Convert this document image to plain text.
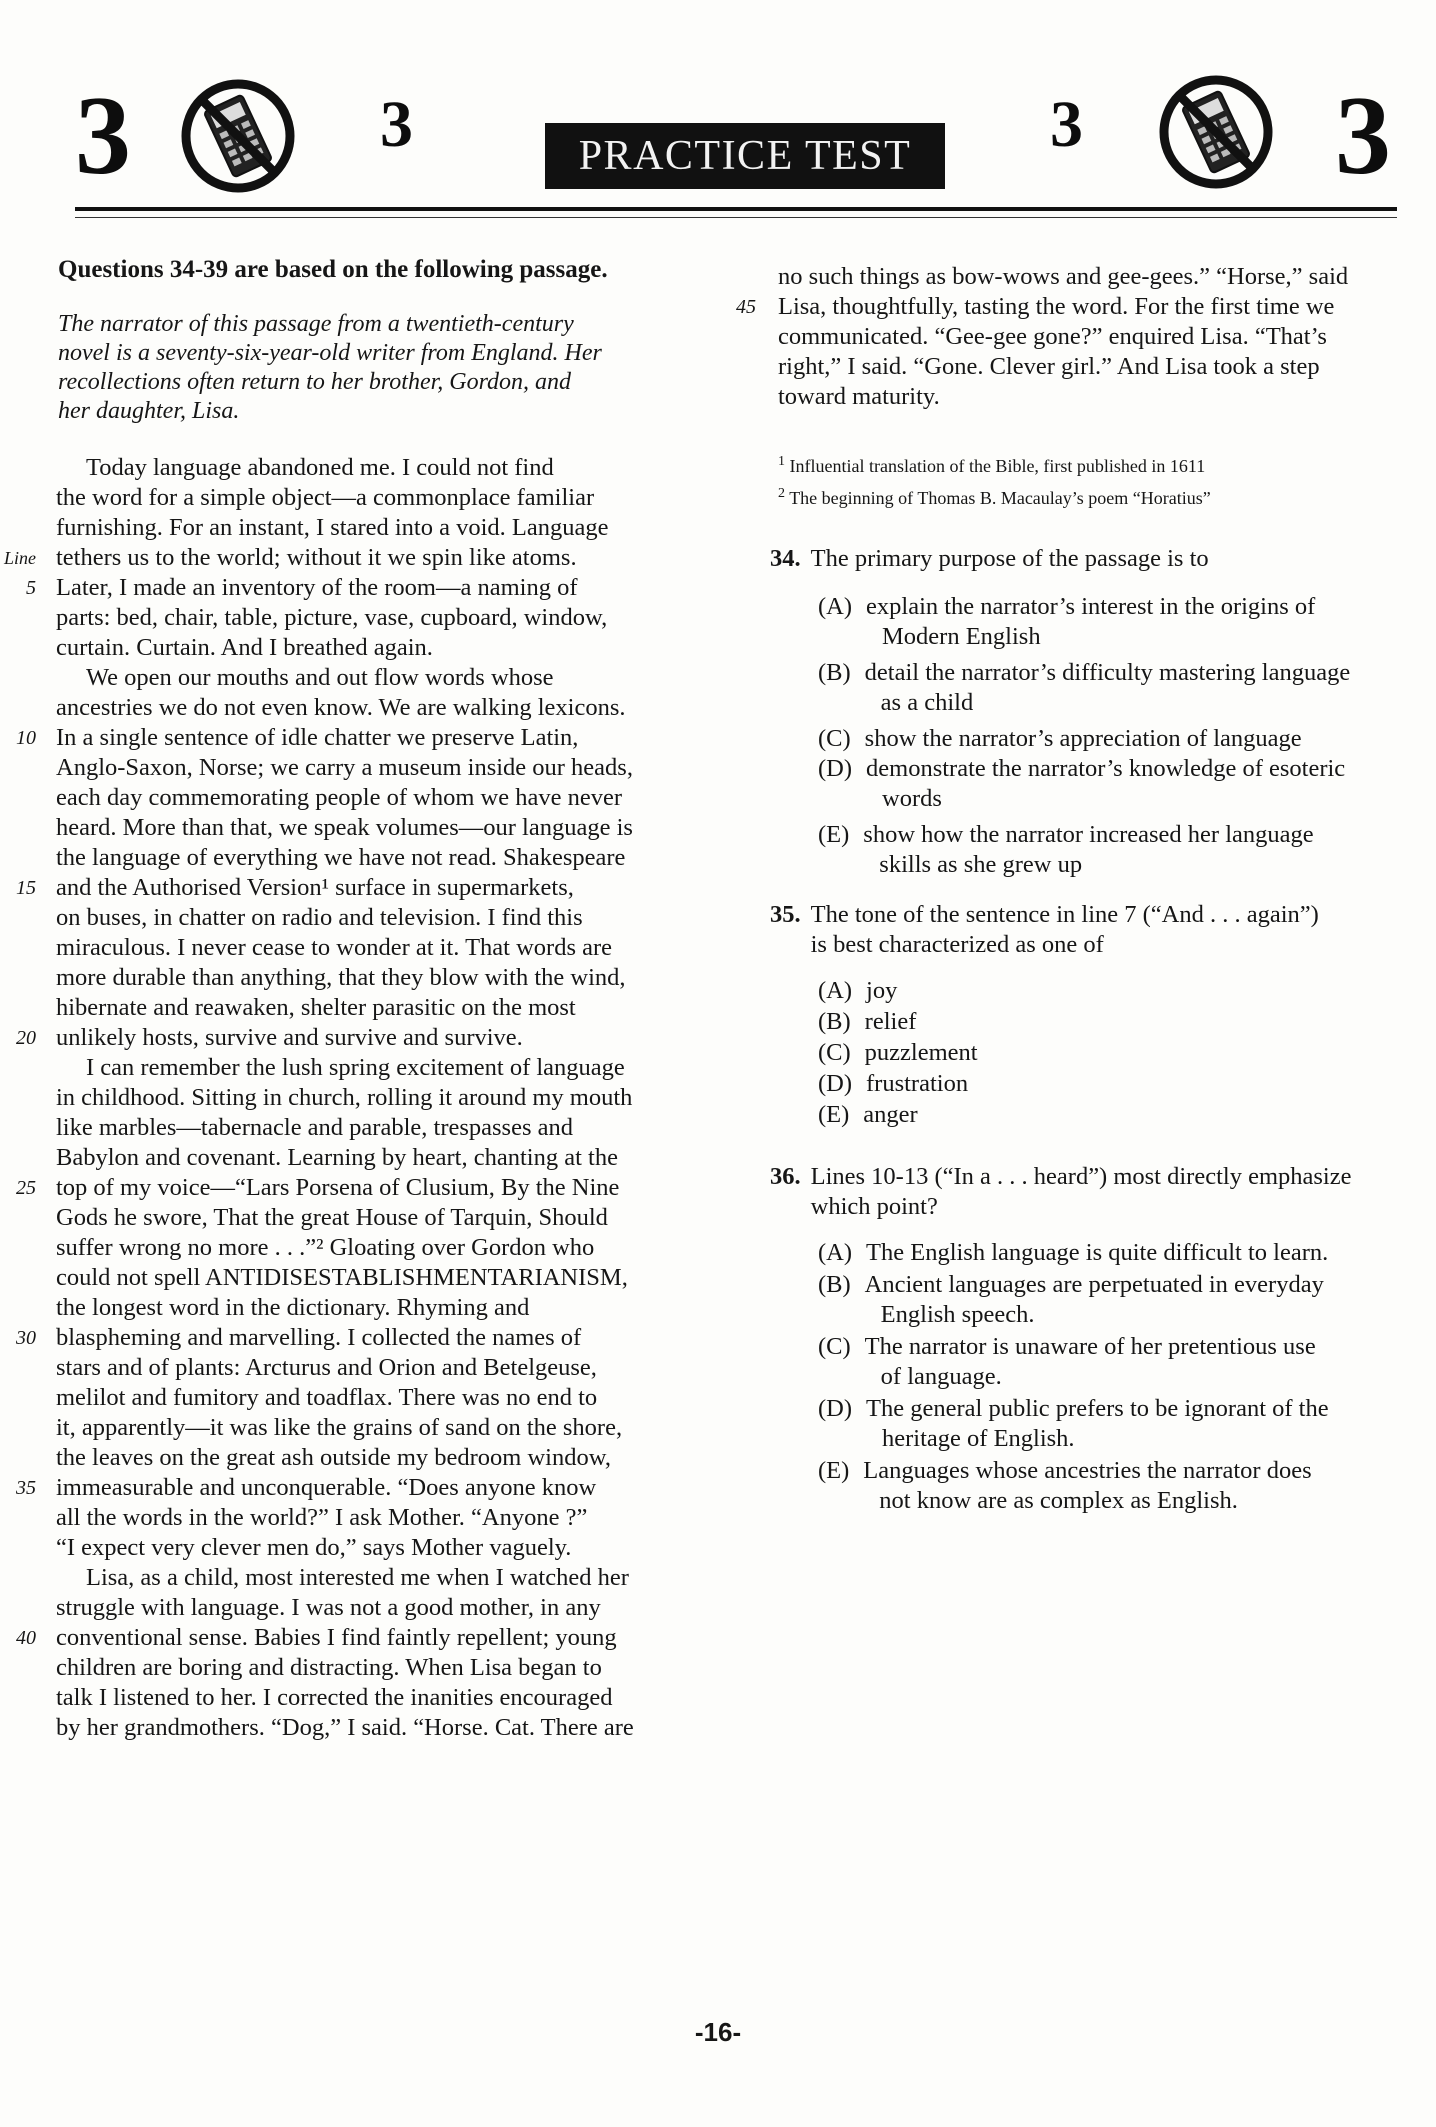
3	3	PRACTICE TEST	3 3
Questions 34-39 are based on the following passage.
The narrator of this passage from a twentieth-century
novel is a seventy-six-year-old writer from England. Her
recollections often return to her brother, Gordon, and
her daughter, Lisa.
Today language abandoned me. I could not find
the word for a simple object—a commonplace familiar
furnishing. For an instant, I stared into a void. Language
tethers us to the world; without it we spin like atoms.
Later, I made an inventory of the room—a naming of
parts: bed, chair, table, picture, vase, cupboard, window,
curtain. Curtain. And I breathed again.
We open our mouths and out flow words whose
ancestries we do not even know. We are walking lexicons.
In a single sentence of idle chatter we preserve Latin,
Anglo-Saxon, Norse; we carry a museum inside our heads,
each day commemorating people of whom we have never
heard. More than that, we speak volumes—our language is
the language of everything we have not read. Shakespeare
and the Authorised Version¹ surface in supermarkets,
on buses, in chatter on radio and television. I find this
miraculous. I never cease to wonder at it. That words are
more durable than anything, that they blow with the wind,
hibernate and reawaken, shelter parasitic on the most
unlikely hosts, survive and survive and survive.
I can remember the lush spring excitement of language
in childhood. Sitting in church, rolling it around my mouth
like marbles—tabernacle and parable, trespasses and
Babylon and covenant. Learning by heart, chanting at the
top of my voice—“Lars Porsena of Clusium, By the Nine
Gods he swore, That the great House of Tarquin, Should
suffer wrong no more . . .”² Gloating over Gordon who
could not spell ANTIDISESTABLISHMENTARIANISM,
the longest word in the dictionary. Rhyming and
blaspheming and marvelling. I collected the names of
stars and of plants: Arcturus and Orion and Betelgeuse,
melilot and fumitory and toadflax. There was no end to
it, apparently—it was like the grains of sand on the shore,
the leaves on the great ash outside my bedroom window,
immeasurable and unconquerable. “Does anyone know
all the words in the world?” I ask Mother. “Anyone ?”
“I expect very clever men do,” says Mother vaguely.
Lisa, as a child, most interested me when I watched her
struggle with language. I was not a good mother, in any
conventional sense. Babies I find faintly repellent; young
children are boring and distracting. When Lisa began to
talk I listened to her. I corrected the inanities encouraged
by her grandmothers. “Dog,” I said. “Horse. Cat. There are
Line
5
10
15
20
25
30
35
40
45
no such things as bow-wows and gee-gees.” “Horse,” said
Lisa, thoughtfully, tasting the word. For the first time we
communicated. “Gee-gee gone?” enquired Lisa. “That’s
right,” I said. “Gone. Clever girl.” And Lisa took a step
toward maturity.
$^1$ Influential translation of the Bible, first published in 1611
$^2$ The beginning of Thomas B. Macaulay’s poem “Horatius”
34. The primary purpose of the passage is to
(A) explain the narrator’s interest in the origins of
Modern English
(B) detail the narrator’s difficulty mastering language
as a child
(C) show the narrator’s appreciation of language
(D) demonstrate the narrator’s knowledge of esoteric
words
(E) show how the narrator increased her language
skills as she grew up
35. The tone of the sentence in line 7 (“And . . . again”)
is best characterized as one of
(A) joy
(B) relief
(C) puzzlement
(D) frustration
(E) anger
36. Lines 10-13 (“In a . . . heard”) most directly emphasize
which point?
(A) The English language is quite difficult to learn.
(B) Ancient languages are perpetuated in everyday
English speech.
(C) The narrator is unaware of her pretentious use
of language.
(D) The general public prefers to be ignorant of the
heritage of English.
(E) Languages whose ancestries the narrator does
not know are as complex as English.
-16-
